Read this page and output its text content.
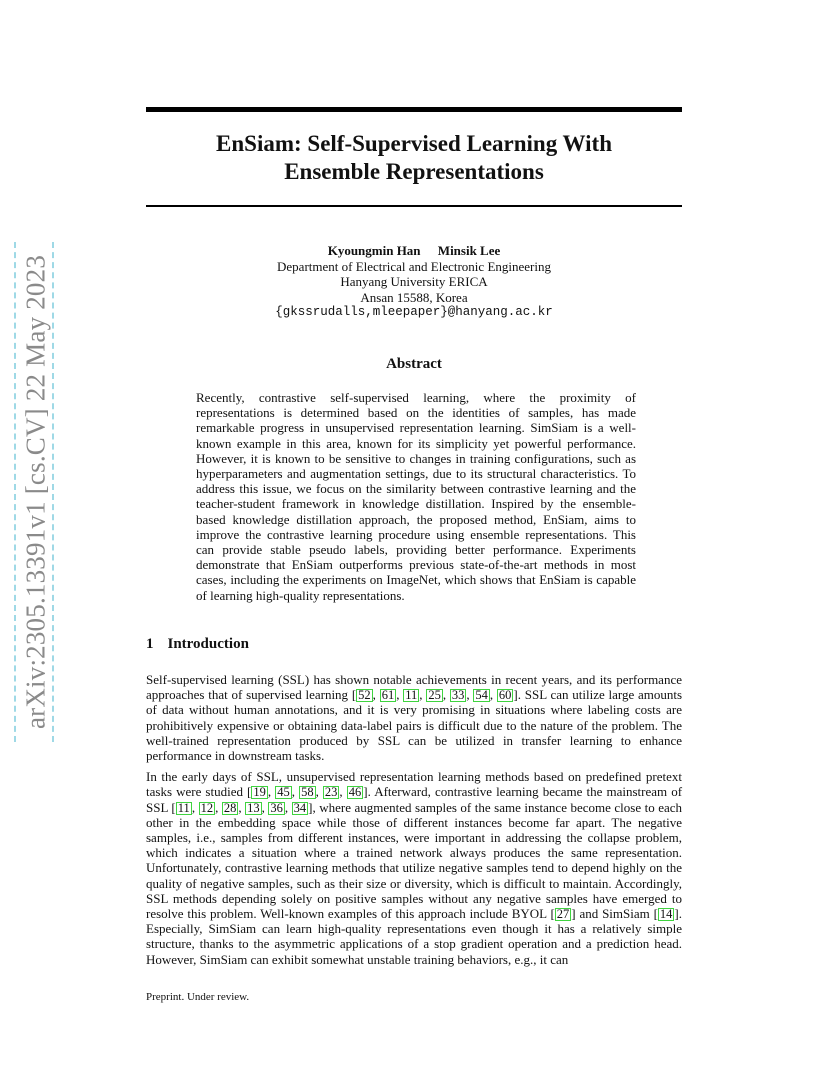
EnSiam: Self-Supervised Learning With
Ensemble Representations
arXiv:2305.13391v1 [cs.CV] 22 May 2023
Kyoungmin Han Minsik Lee
Department of Electrical and Electronic Engineering
Hanyang University ERICA
Ansan 15588, Korea
{gkssrudalls,mleepaper}@hanyang.ac.kr
Abstract

Recently, contrastive self-supervised learning, where the proximity of representations is determined based on the identities of samples, has made remarkable progress in unsupervised representation learning. SimSiam is a well-known example in this area, known for its simplicity yet powerful performance. However, it is known to be sensitive to changes in training configurations, such as hyperparameters and augmentation settings, due to its structural characteristics. To address this issue, we focus on the similarity between contrastive learning and the teacher-student framework in knowledge distillation. Inspired by the ensemble-based knowledge distillation approach, the proposed method, EnSiam, aims to improve the contrastive learning procedure using ensemble representations. This can provide stable pseudo labels, providing better performance. Experiments demonstrate that EnSiam outperforms previous state-of-the-art methods in most cases, including the experiments on ImageNet, which shows that EnSiam is capable of learning high-quality representations.

1 Introduction

Self-supervised learning (SSL) has shown notable achievements in recent years, and its performance approaches that of supervised learning [ 52 , 61 , 11 , 25 , 33 , 54 , 60 ]. SSL can utilize large amounts of data without human annotations, and it is very promising in situations where labeling costs are prohibitively expensive or obtaining data-label pairs is difficult due to the nature of the problem. The well-trained representation produced by SSL can be utilized in transfer learning to enhance performance in downstream tasks.

In the early days of SSL, unsupervised representation learning methods based on predefined pretext tasks were studied [ 19 , 45 , 58 , 23 , 46 ]. Afterward, contrastive learning became the mainstream of SSL [ 11 , 12 , 28 , 13 , 36 , 34 ], where augmented samples of the same instance become close to each other in the embedding space while those of different instances become far apart. The negative samples, i.e., samples from different instances, were important in addressing the collapse problem, which indicates a situation where a trained network always produces the same representation. Unfortunately, contrastive learning methods that utilize negative samples tend to depend highly on the quality of negative samples, such as their size or diversity, which is difficult to maintain. Accordingly, SSL methods depending solely on positive samples without any negative samples have emerged to resolve this problem. Well-known examples of this approach include BYOL [ 27 ] and SimSiam [ 14 ]. Especially, SimSiam can learn high-quality representations even though it has a relatively simple structure, thanks to the asymmetric applications of a stop gradient operation and a prediction head. However, SimSiam can exhibit somewhat unstable training behaviors, e.g., it can

Preprint. Under review.
